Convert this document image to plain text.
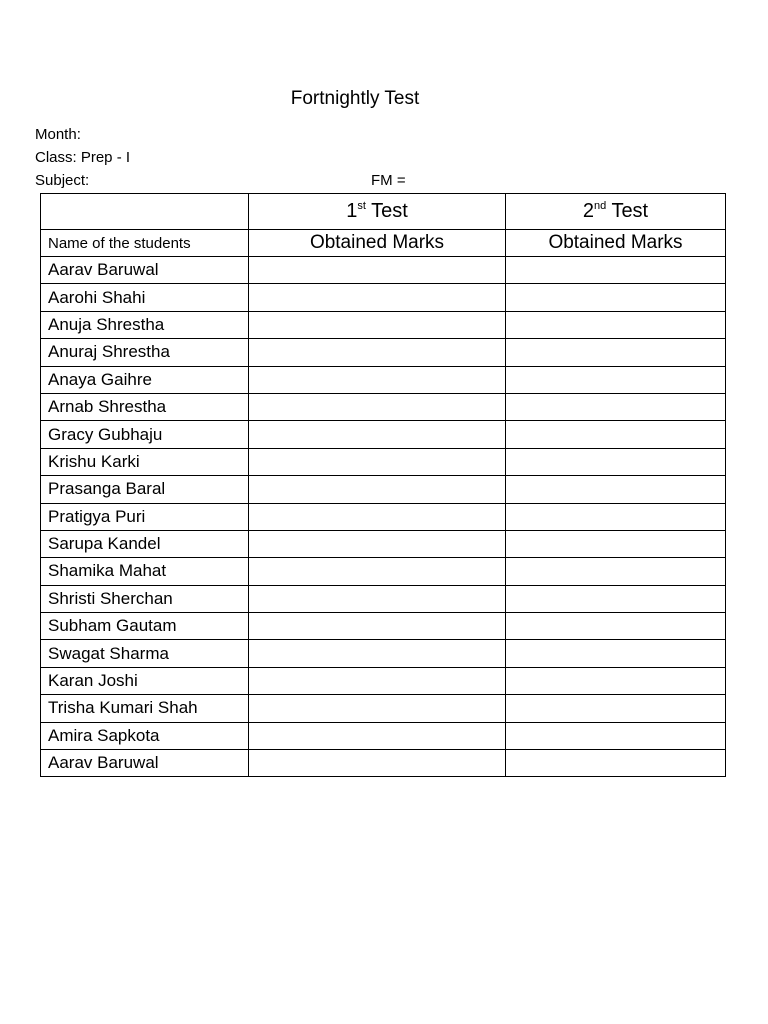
Fortnightly Test
Month:
Class: Prep - I
Subject:	FM =
	1st Test	2nd Test
Name of the students	Obtained Marks	Obtained Marks
Aarav Baruwal		
Aarohi Shahi		
Anuja Shrestha		
Anuraj Shrestha		
Anaya Gaihre		
Arnab Shrestha		
Gracy Gubhaju		
Krishu Karki		
Prasanga Baral		
Pratigya Puri		
Sarupa Kandel		
Shamika Mahat		
Shristi Sherchan		
Subham Gautam		
Swagat Sharma		
Karan Joshi		
Trisha Kumari Shah		
Amira Sapkota		
Aarav Baruwal		
